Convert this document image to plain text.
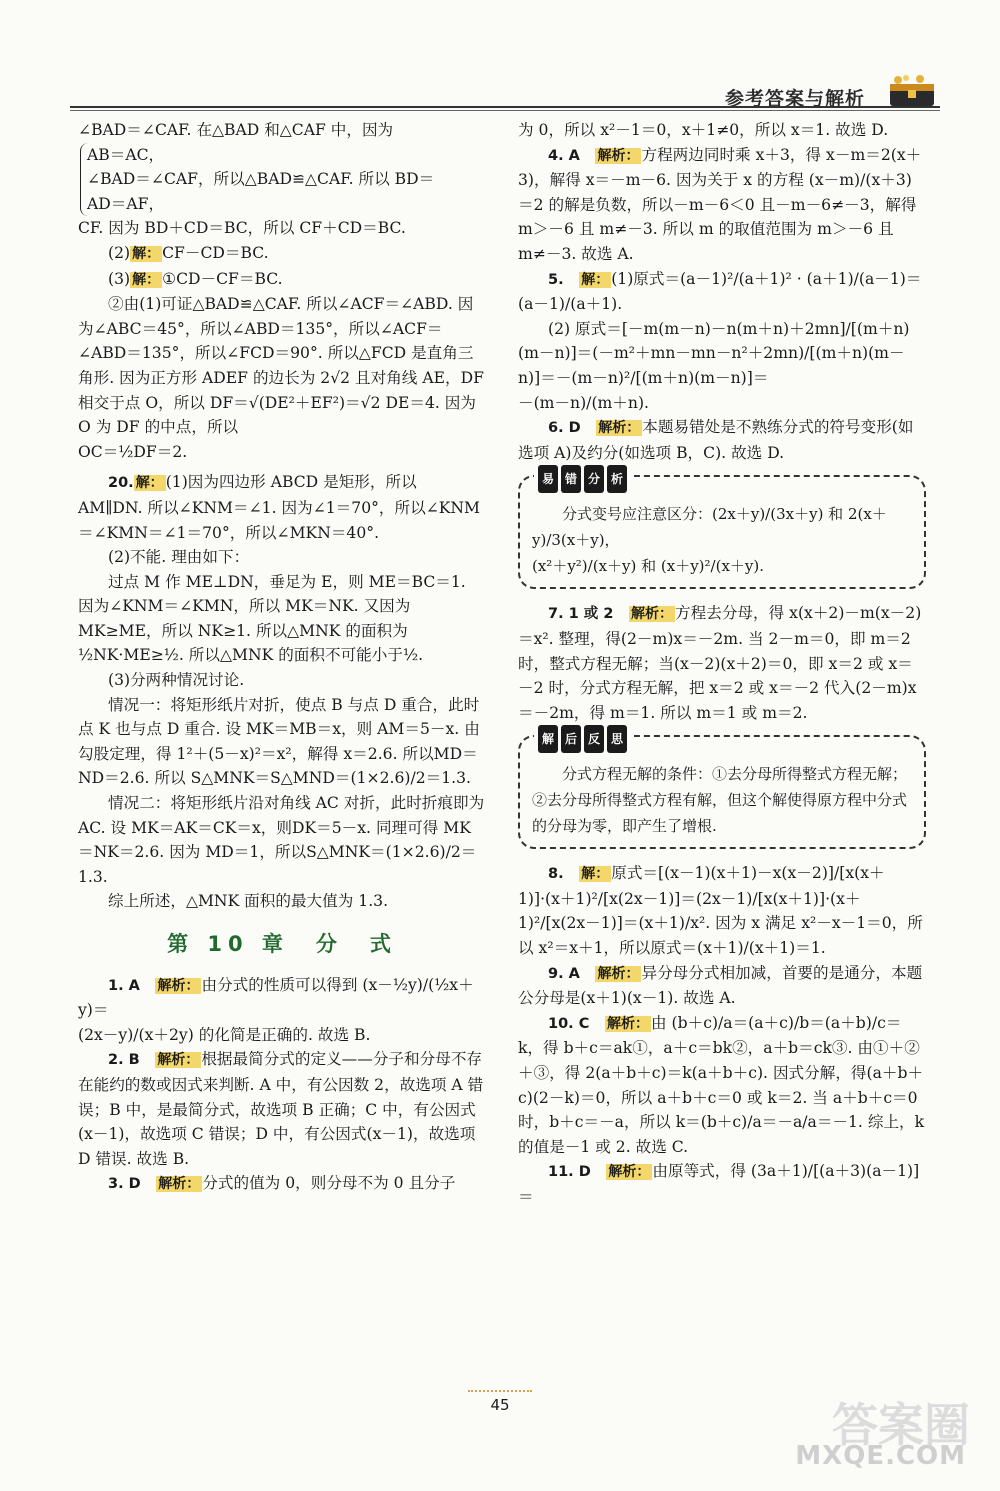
参考答案与解析

∠BAD＝∠CAF. 在△BAD 和△CAF 中，因为

AB＝AC，

∠BAD＝∠CAF，所以△BAD≌△CAF. 所以 BD＝

AD＝AF，

CF. 因为 BD＋CD＝BC，所以 CF＋CD＝BC.

(2) 解： CF－CD＝BC.

(3) 解： ①CD－CF＝BC.

②由(1)可证△BAD≌△CAF. 所以∠ACF＝∠ABD. 因为∠ABC＝45°，所以∠ABD＝135°，所以∠ACF＝∠ABD＝135°，所以∠FCD＝90°. 所以△FCD 是直角三角形. 因为正方形 ADEF 的边长为 2√2 且对角线 AE，DF 相交于点 O，所以 DF＝√(DE²＋EF²)＝√2 DE＝4. 因为 O 为 DF 的中点，所以

OC＝½DF＝2.

20. 解： (1)因为四边形 ABCD 是矩形，所以 AM∥DN. 所以∠KNM＝∠1. 因为∠1＝70°，所以∠KNM＝∠KMN＝∠1＝70°，所以∠MKN＝40°.

(2)不能. 理由如下：

过点 M 作 ME⊥DN，垂足为 E，则 ME＝BC＝1. 因为∠KNM＝∠KMN，所以 MK＝NK. 又因为 MK≥ME，所以 NK≥1. 所以△MNK 的面积为

½NK·ME≥½. 所以△MNK 的面积不可能小于½.

(3)分两种情况讨论.

情况一：将矩形纸片对折，使点 B 与点 D 重合，此时点 K 也与点 D 重合. 设 MK＝MB＝x，则 AM＝5－x. 由勾股定理，得 1²＋(5－x)²＝x²，解得 x＝2.6. 所以MD＝ND＝2.6. 所以 S△MNK＝S△MND＝(1×2.6)/2＝1.3.

情况二：将矩形纸片沿对角线 AC 对折，此时折痕即为 AC. 设 MK＝AK＝CK＝x，则DK＝5－x. 同理可得 MK＝NK＝2.6. 因为 MD＝1，所以S△MNK＝(1×2.6)/2＝1.3.

综上所述，△MNK 面积的最大值为 1.3.

第 10 章　分　式

1. A　 解析： 由分式的性质可以得到 (x－½y)/(½x＋y)＝

(2x－y)/(x＋2y) 的化简是正确的. 故选 B.

2. B　 解析： 根据最简分式的定义——分子和分母不存在能约的数或因式来判断. A 中，有公因数 2，故选项 A 错误；B 中，是最简分式，故选项 B 正确；C 中，有公因式(x－1)，故选项 C 错误；D 中，有公因式(x－1)，故选项 D 错误. 故选 B.

3. D　 解析： 分式的值为 0，则分母不为 0 且分子

为 0，所以 x²－1＝0，x＋1≠0，所以 x＝1. 故选 D.

4. A　 解析： 方程两边同时乘 x＋3，得 x－m＝2(x＋3)，解得 x＝－m－6. 因为关于 x 的方程 (x－m)/(x＋3)＝2 的解是负数，所以－m－6＜0 且－m－6≠－3，解得 m＞－6 且 m≠－3. 所以 m 的取值范围为 m＞－6 且 m≠－3. 故选 A.

5.　 解： (1)原式＝(a－1)²/(a＋1)² · (a＋1)/(a－1)＝(a－1)/(a＋1).

(2) 原式＝[－m(m－n)－n(m＋n)＋2mn]/[(m＋n)(m－n)]＝(－m²＋mn－mn－n²＋2mn)/[(m＋n)(m－n)]＝－(m－n)²/[(m＋n)(m－n)]＝

－(m－n)/(m＋n).

6. D　 解析： 本题易错处是不熟练分式的符号变形(如选项 A)及约分(如选项 B，C). 故选 D.

易 错 分 析

分式变号应注意区分：(2x＋y)/(3x＋y) 和 2(x＋y)/3(x＋y)，

(x²＋y²)/(x＋y) 和 (x＋y)²/(x＋y).

7. 1 或 2　 解析： 方程去分母，得 x(x＋2)－m(x－2)＝x². 整理，得(2－m)x＝－2m. 当 2－m＝0，即 m＝2 时，整式方程无解；当(x－2)(x＋2)＝0，即 x＝2 或 x＝－2 时，分式方程无解，把 x＝2 或 x＝－2 代入(2－m)x＝－2m，得 m＝1. 所以 m＝1 或 m＝2.

解 后 反 思

分式方程无解的条件：①去分母所得整式方程无解；②去分母所得整式方程有解，但这个解使得原方程中分式的分母为零，即产生了增根.

8.　 解： 原式＝[(x－1)(x＋1)－x(x－2)]/[x(x＋1)]·(x＋1)²/[x(2x－1)]＝(2x－1)/[x(x＋1)]·(x＋1)²/[x(2x－1)]＝(x＋1)/x². 因为 x 满足 x²－x－1＝0，所以 x²＝x＋1，所以原式＝(x＋1)/(x＋1)＝1.

9. A　 解析： 异分母分式相加减，首要的是通分，本题公分母是(x＋1)(x－1). 故选 A.

10. C　 解析： 由 (b＋c)/a＝(a＋c)/b＝(a＋b)/c＝k，得 b＋c＝ak①，a＋c＝bk②，a＋b＝ck③. 由①＋②＋③，得 2(a＋b＋c)＝k(a＋b＋c). 因式分解，得(a＋b＋c)(2－k)＝0，所以 a＋b＋c＝0 或 k＝2. 当 a＋b＋c＝0 时，b＋c＝－a，所以 k＝(b＋c)/a＝－a/a＝－1. 综上，k 的值是－1 或 2. 故选 C.

11. D　 解析： 由原等式，得 (3a＋1)/[(a＋3)(a－1)]＝

45	答案圈
MXQE.COM
